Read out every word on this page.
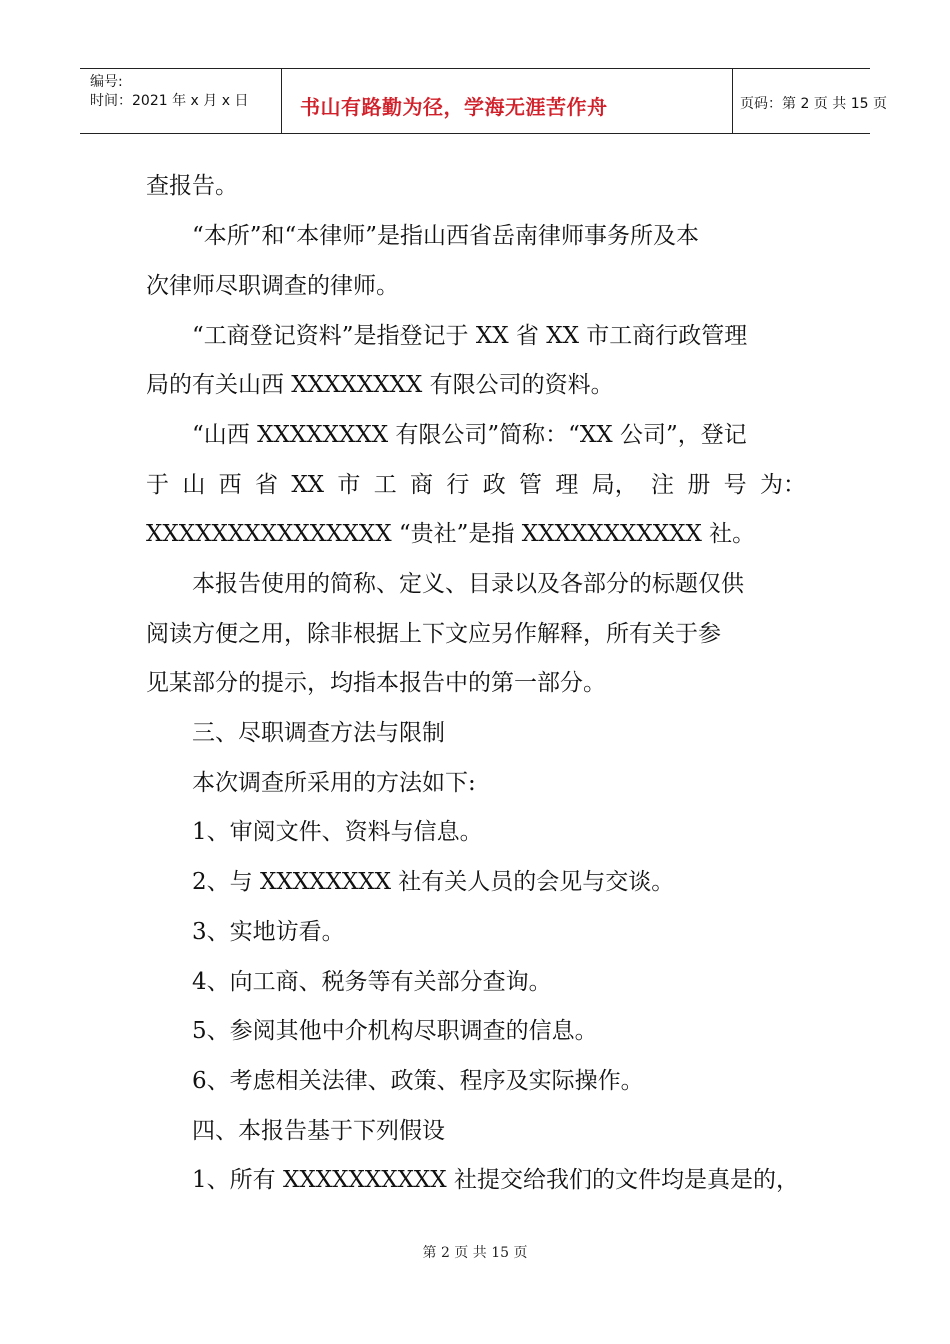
编号:
时间：2021 年 x 月 x 日	书山有路勤为径，学海无涯苦作舟	页码：第 2 页 共 15 页
查报告。
“本所”和“本律师”是指山西省岳南律师事务所及本
次律师尽职调查的律师。
“工商登记资料”是指登记于 XX 省 XX 市工商行政管理
局的有关山西 XXXXXXXX 有限公司的资料。
“山西 XXXXXXXX 有限公司”简称：“XX 公司”，登记
于 山 西 省 XX 市 工 商 行 政 管 理 局， 注 册 号 为：
XXXXXXXXXXXXXXX “贵社”是指 XXXXXXXXXXX 社。
本报告使用的简称、定义、目录以及各部分的标题仅供
阅读方便之用，除非根据上下文应另作解释，所有关于参
见某部分的提示，均指本报告中的第一部分。
三、尽职调查方法与限制
本次调查所采用的方法如下:
1、审阅文件、资料与信息。
2、与 XXXXXXXX 社有关人员的会见与交谈。
3、实地访看。
4、向工商、税务等有关部分查询。
5、参阅其他中介机构尽职调查的信息。
6、考虑相关法律、政策、程序及实际操作。
四、本报告基于下列假设
1、所有 XXXXXXXXXX 社提交给我们的文件均是真是的，
第 2 页 共 15 页
